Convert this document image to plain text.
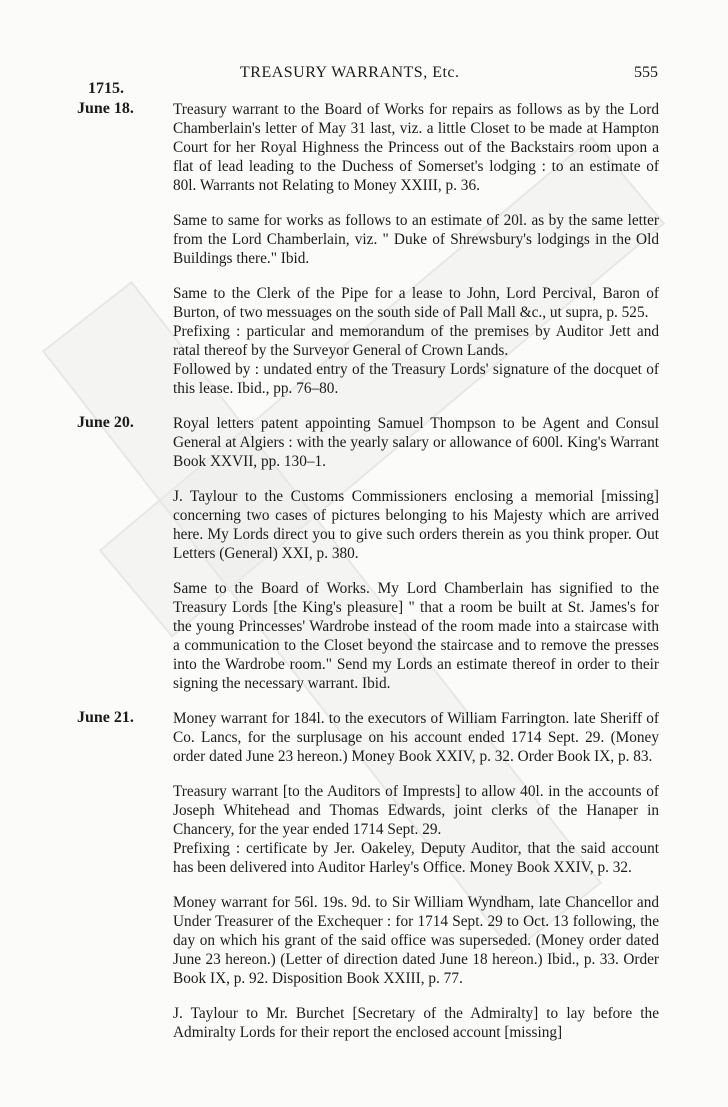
TREASURY WARRANTS, Etc.	555
1715.
June 18.	Treasury warrant to the Board of Works for repairs as follows as by the Lord Chamberlain's letter of May 31 last, viz. a little Closet to be made at Hampton Court for her Royal Highness the Princess out of the Backstairs room upon a flat of lead leading to the Duchess of Somerset's lodging : to an estimate of 80l. Warrants not Relating to Money XXIII, p. 36.
Same to same for works as follows to an estimate of 20l. as by the same letter from the Lord Chamberlain, viz. " Duke of Shrewsbury's lodgings in the Old Buildings there." Ibid.
Same to the Clerk of the Pipe for a lease to John, Lord Percival, Baron of Burton, of two messuages on the south side of Pall Mall &c., ut supra, p. 525.
Prefixing : particular and memorandum of the premises by Auditor Jett and ratal thereof by the Surveyor General of Crown Lands.
Followed by : undated entry of the Treasury Lords' signature of the docquet of this lease. Ibid., pp. 76–80.
June 20.	Royal letters patent appointing Samuel Thompson to be Agent and Consul General at Algiers : with the yearly salary or allowance of 600l. King's Warrant Book XXVII, pp. 130–1.
J. Taylour to the Customs Commissioners enclosing a memorial [missing] concerning two cases of pictures belonging to his Majesty which are arrived here. My Lords direct you to give such orders therein as you think proper. Out Letters (General) XXI, p. 380.
Same to the Board of Works. My Lord Chamberlain has signified to the Treasury Lords [the King's pleasure] " that a room be built at St. James's for the young Princesses' Wardrobe instead of the room made into a staircase with a communication to the Closet beyond the staircase and to remove the presses into the Wardrobe room." Send my Lords an estimate thereof in order to their signing the necessary warrant. Ibid.
June 21.	Money warrant for 184l. to the executors of William Farrington. late Sheriff of Co. Lancs, for the surplusage on his account ended 1714 Sept. 29. (Money order dated June 23 hereon.) Money Book XXIV, p. 32. Order Book IX, p. 83.
Treasury warrant [to the Auditors of Imprests] to allow 40l. in the accounts of Joseph Whitehead and Thomas Edwards, joint clerks of the Hanaper in Chancery, for the year ended 1714 Sept. 29.
Prefixing : certificate by Jer. Oakeley, Deputy Auditor, that the said account has been delivered into Auditor Harley's Office. Money Book XXIV, p. 32.
Money warrant for 56l. 19s. 9d. to Sir William Wyndham, late Chancellor and Under Treasurer of the Exchequer : for 1714 Sept. 29 to Oct. 13 following, the day on which his grant of the said office was superseded. (Money order dated June 23 hereon.) (Letter of direction dated June 18 hereon.) Ibid., p. 33. Order Book IX, p. 92. Disposition Book XXIII, p. 77.
J. Taylour to Mr. Burchet [Secretary of the Admiralty] to lay before the Admiralty Lords for their report the enclosed account [missing]
